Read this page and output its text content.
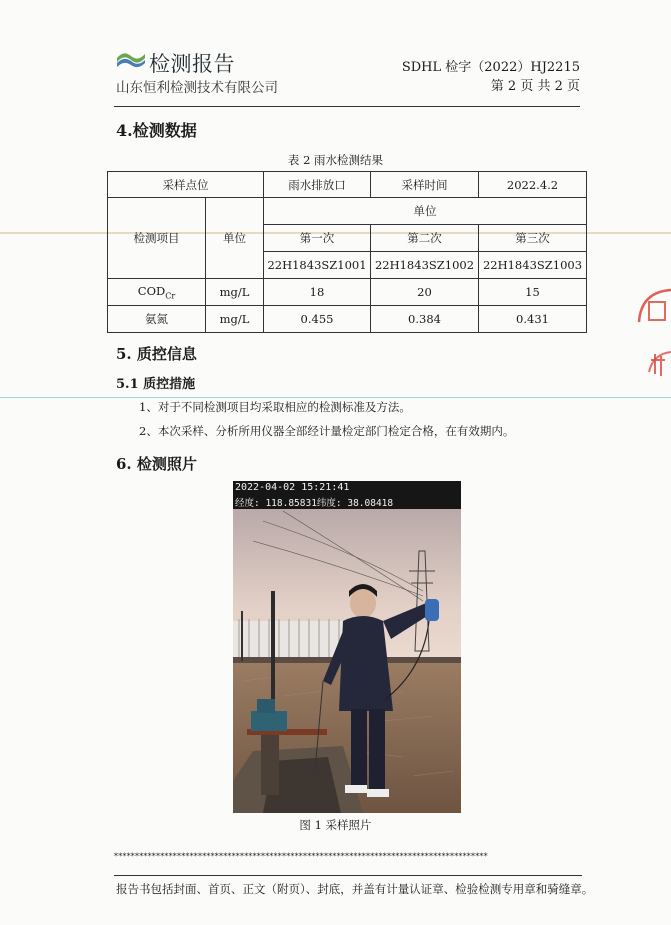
检测报告
山东恒利检测技术有限公司
SDHL 检字（2022）HJ2215
第 2 页 共 2 页
4.检测数据
表 2 雨水检测结果
采样点位		雨水排放口	采样时间	2022.4.2
检测项目	单位	单位		
		第一次	第二次	第三次
		22H1843SZ1001	22H1843SZ1002	22H1843SZ1003
$COD_{Cr}$	mg/L	18	20	15
氨氮	mg/L	0.455	0.384	0.431
5. 质控信息
5.1 质控措施
1、对于不同检测项目均采取相应的检测标准及方法。
2、本次采样、分析所用仪器全部经计量检定部门检定合格，在有效期内。
6. 检测照片
2022-04-02 15:21:41
经度: 118.85831纬度: 38.08418
图 1 采样照片
*****************************************************************************************
报告书包括封面、首页、正文（附页）、封底，并盖有计量认证章、检验检测专用章和骑缝章。
